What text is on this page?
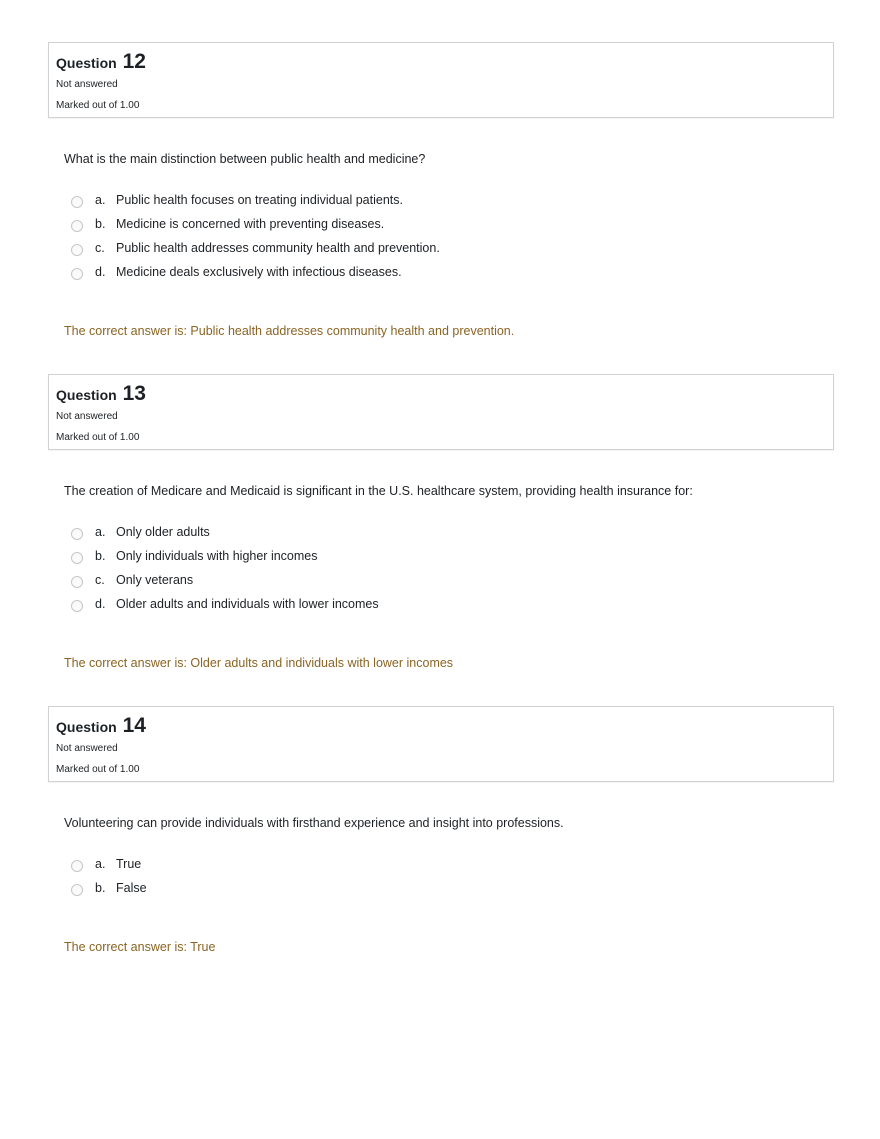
Question 12
Not answered
Marked out of 1.00
What is the main distinction between public health and medicine?
a. Public health focuses on treating individual patients.
b. Medicine is concerned with preventing diseases.
c. Public health addresses community health and prevention.
d. Medicine deals exclusively with infectious diseases.
The correct answer is: Public health addresses community health and prevention.
Question 13
Not answered
Marked out of 1.00
The creation of Medicare and Medicaid is significant in the U.S. healthcare system, providing health insurance for:
a. Only older adults
b. Only individuals with higher incomes
c. Only veterans
d. Older adults and individuals with lower incomes
The correct answer is: Older adults and individuals with lower incomes
Question 14
Not answered
Marked out of 1.00
Volunteering can provide individuals with firsthand experience and insight into professions.
a. True
b. False
The correct answer is: True
